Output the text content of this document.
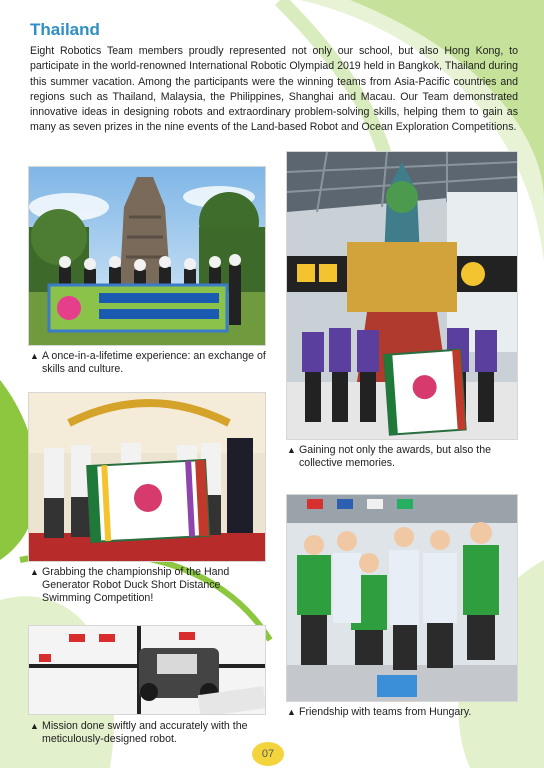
Thailand

Eight Robotics Team members proudly represented not only our school, but also Hong Kong, to participate in the world-renowned International Robotic Olympiad 2019 held in Bangkok, Thailand during this summer vacation. Among the participants were the winning teams from Asia-Pacific countries and regions such as Thailand, Malaysia, the Philippines, Shanghai and Macau. Our Team demonstrated innovative ideas in designing robots and extraordinary problem-solving skills, helping them to gain as many as seven prizes in the nine events of the Land-based Robot and Ocean Exploration Competitions.

▲ A once-in-a-lifetime experience: an exchange of skills and culture.
▲ Gaining not only the awards, but also the collective memories.
▲ Grabbing the championship of the Hand Generator Robot Duck Short Distance Swimming Competition!
▲ Friendship with teams from Hungary.
▲ Mission done swiftly and accurately with the meticulously-designed robot.
07
